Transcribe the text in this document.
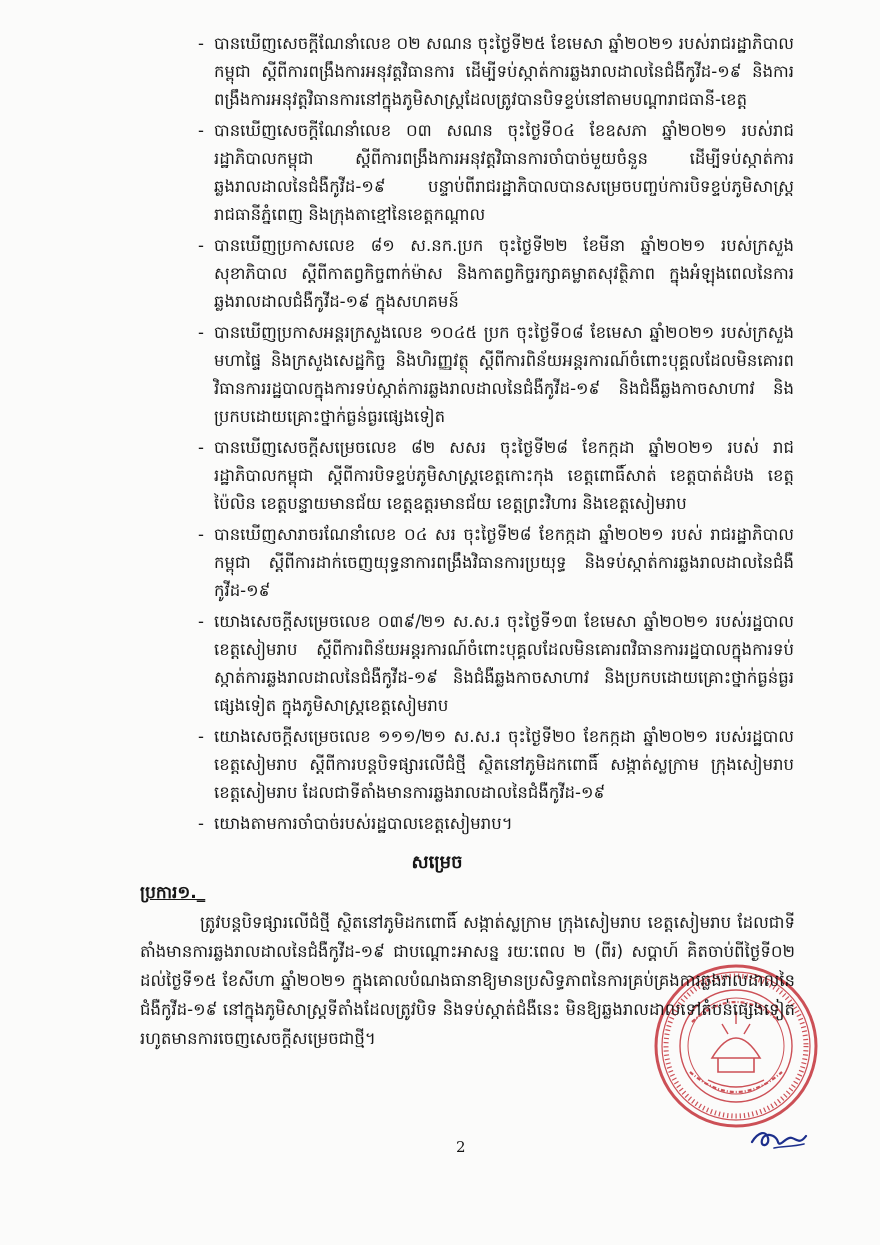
- បានឃើញសេចក្តីណែនាំលេខ ០២ សណន ចុះថ្ងៃទី២៥ ខែមេសា ឆ្នាំ២០២១ របស់រាជរដ្ឋាភិបាលកម្ពុជា ស្តីពីការពង្រឹងការអនុវត្តវិធានការ ដើម្បីទប់ស្កាត់ការឆ្លងរាលដាលនៃជំងឺកូវីដ-១៩ និងការពង្រឹងការអនុវត្តវិធានការនៅក្នុងភូមិសាស្ត្រដែលត្រូវបានបិទខ្ទប់នៅតាមបណ្តារាជធានី-ខេត្ត
- បានឃើញសេចក្តីណែនាំលេខ ០៣ សណន ចុះថ្ងៃទី០៤ ខែឧសភា ឆ្នាំ២០២១ របស់រាជរដ្ឋាភិបាលកម្ពុជា ស្តីពីការពង្រឹងការអនុវត្តវិធានការចាំបាច់មួយចំនួន ដើម្បីទប់ស្កាត់ការឆ្លងរាលដាលនៃជំងឺកូវីដ-១៩ បន្ទាប់ពីរាជរដ្ឋាភិបាលបានសម្រេចបញ្ចប់ការបិទខ្ទប់ភូមិសាស្ត្ររាជធានីភ្នំពេញ និងក្រុងតាខ្មៅនៃខេត្តកណ្តាល
- បានឃើញប្រកាសលេខ ៨១ ស.នក.ប្រក ចុះថ្ងៃទី២២ ខែមីនា ឆ្នាំ២០២១ របស់ក្រសួងសុខាភិបាល ស្តីពីកាតព្វកិច្ចពាក់ម៉ាស និងកាតព្វកិច្ចរក្សាគម្លាតសុវត្ថិភាព ក្នុងអំឡុងពេលនៃការឆ្លងរាលដាលជំងឺកូវីដ-១៩ ក្នុងសហគមន៍
- បានឃើញប្រកាសអន្តរក្រសួងលេខ ១០៤៥ ប្រក ចុះថ្ងៃទី០៨ ខែមេសា ឆ្នាំ២០២១ របស់ក្រសួងមហាផ្ទៃ និងក្រសួងសេដ្ឋកិច្ច និងហិរញ្ញវត្ថុ ស្តីពីការពិន័យអន្តរការណ៍ចំពោះបុគ្គលដែលមិនគោរពវិធានការរដ្ឋបាលក្នុងការទប់ស្កាត់ការឆ្លងរាលដាលនៃជំងឺកូវីដ-១៩ និងជំងឺឆ្លងកាចសាហាវ និងប្រកបដោយគ្រោះថ្នាក់ធ្ងន់ធ្ងរផ្សេងទៀត
- បានឃើញសេចក្តីសម្រេចលេខ ៨២ សសរ ចុះថ្ងៃទី២៨ ខែកក្កដា ឆ្នាំ២០២១ របស់ រាជរដ្ឋាភិបាលកម្ពុជា ស្តីពីការបិទខ្ទប់ភូមិសាស្ត្រខេត្តកោះកុង ខេត្តពោធិ៍សាត់ ខេត្តបាត់ដំបង ខេត្តប៉ៃលិន ខេត្តបន្ទាយមានជ័យ ខេត្តឧត្តរមានជ័យ ខេត្តព្រះវិហារ និងខេត្តសៀមរាប
- បានឃើញសារាចរណែនាំលេខ ០៤ សរ ចុះថ្ងៃទី២៨ ខែកក្កដា ឆ្នាំ២០២១ របស់ រាជរដ្ឋាភិបាលកម្ពុជា ស្តីពីការដាក់ចេញយុទ្ធនាការពង្រឹងវិធានការប្រយុទ្ធ និងទប់ស្កាត់ការឆ្លងរាលដាលនៃជំងឺ កូវីដ-១៩
- យោងសេចក្តីសម្រេចលេខ ០៣៩/២១ ស.ស.រ ចុះថ្ងៃទី១៣ ខែមេសា ឆ្នាំ២០២១ របស់រដ្ឋបាលខេត្តសៀមរាប ស្តីពីការពិន័យអន្តរការណ៍ចំពោះបុគ្គលដែលមិនគោរពវិធានការរដ្ឋបាលក្នុងការទប់ស្កាត់ការឆ្លងរាលដាលនៃជំងឺកូវីដ-១៩ និងជំងឺឆ្លងកាចសាហាវ និងប្រកបដោយគ្រោះថ្នាក់ធ្ងន់ធ្ងរផ្សេងទៀត ក្នុងភូមិសាស្ត្រខេត្តសៀមរាប
- យោងសេចក្តីសម្រេចលេខ ១១១/២១ ស.ស.រ ចុះថ្ងៃទី២០ ខែកក្កដា ឆ្នាំ២០២១ របស់រដ្ឋបាលខេត្តសៀមរាប ស្តីពីការបន្តបិទផ្សារលើជំថ្មី ស្ថិតនៅភូមិដកពោធិ៍ សង្កាត់ស្លក្រាម ក្រុងសៀមរាប ខេត្តសៀមរាប ដែលជាទីតាំងមានការឆ្លងរាលដាលនៃជំងឺកូវីដ-១៩
- យោងតាមការចាំបាច់របស់រដ្ឋបាលខេត្តសៀមរាប។
សម្រេច
ប្រការ១._
ត្រូវបន្តបិទផ្សារលើជំថ្មី ស្ថិតនៅភូមិដកពោធិ៍ សង្កាត់ស្លក្រាម ក្រុងសៀមរាប ខេត្តសៀមរាប ដែលជាទីតាំងមានការឆ្លងរាលដាលនៃជំងឺកូវីដ-១៩ ជាបណ្តោះអាសន្ន រយៈពេល ២ (ពីរ) សប្តាហ៍ គិតចាប់ពីថ្ងៃទី០២ ដល់ថ្ងៃទី១៥ ខែសីហា ឆ្នាំ២០២១ ក្នុងគោលបំណងធានាឱ្យមានប្រសិទ្ធភាពនៃការគ្រប់គ្រងការឆ្លងរាលដាលនៃជំងឺកូវីដ-១៩ នៅក្នុងភូមិសាស្ត្រទីតាំងដែលត្រូវបិទ និងទប់ស្កាត់ជំងឺនេះ មិនឱ្យឆ្លងរាលដាលទៅតំបន់ផ្សេងទៀត រហូតមានការចេញសេចក្តីសម្រេចជាថ្មី។
2
